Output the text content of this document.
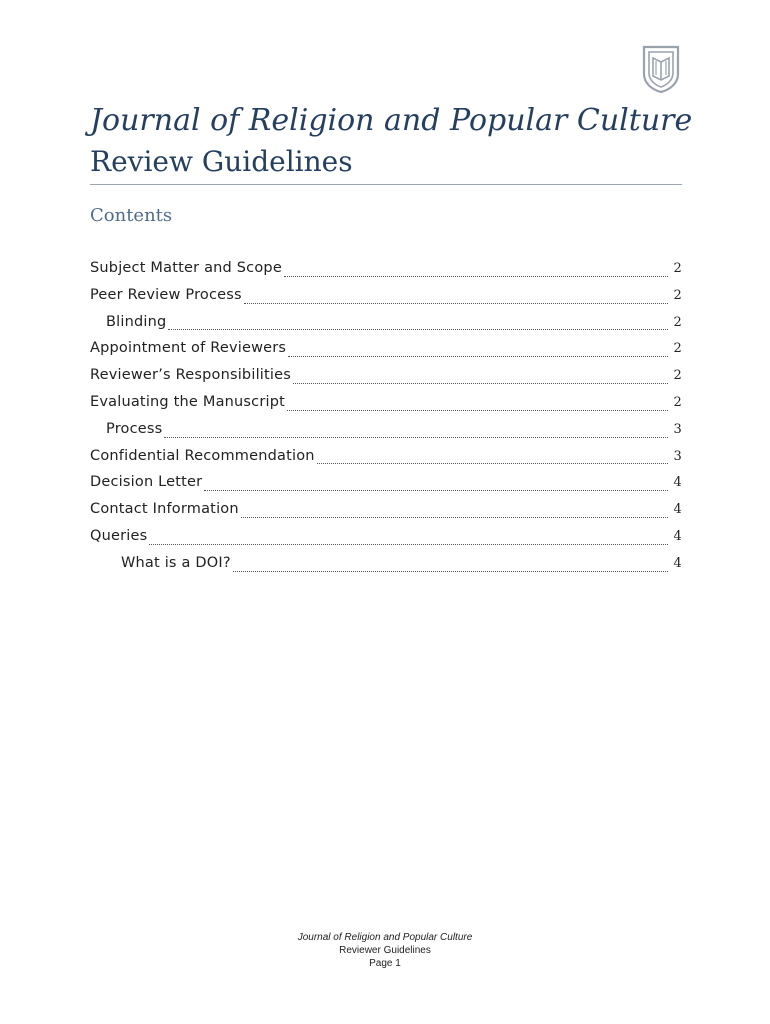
Journal of Religion and Popular Culture
Review Guidelines
Contents
Subject Matter and Scope	2
Peer Review Process	2
Blinding	2
Appointment of Reviewers	2
Reviewer’s Responsibilities	2
Evaluating the Manuscript	2
Process	3
Confidential Recommendation	3
Decision Letter	4
Contact Information	4
Queries	4
What is a DOI?	4
Journal of Religion and Popular Culture
Reviewer Guidelines
Page 1
